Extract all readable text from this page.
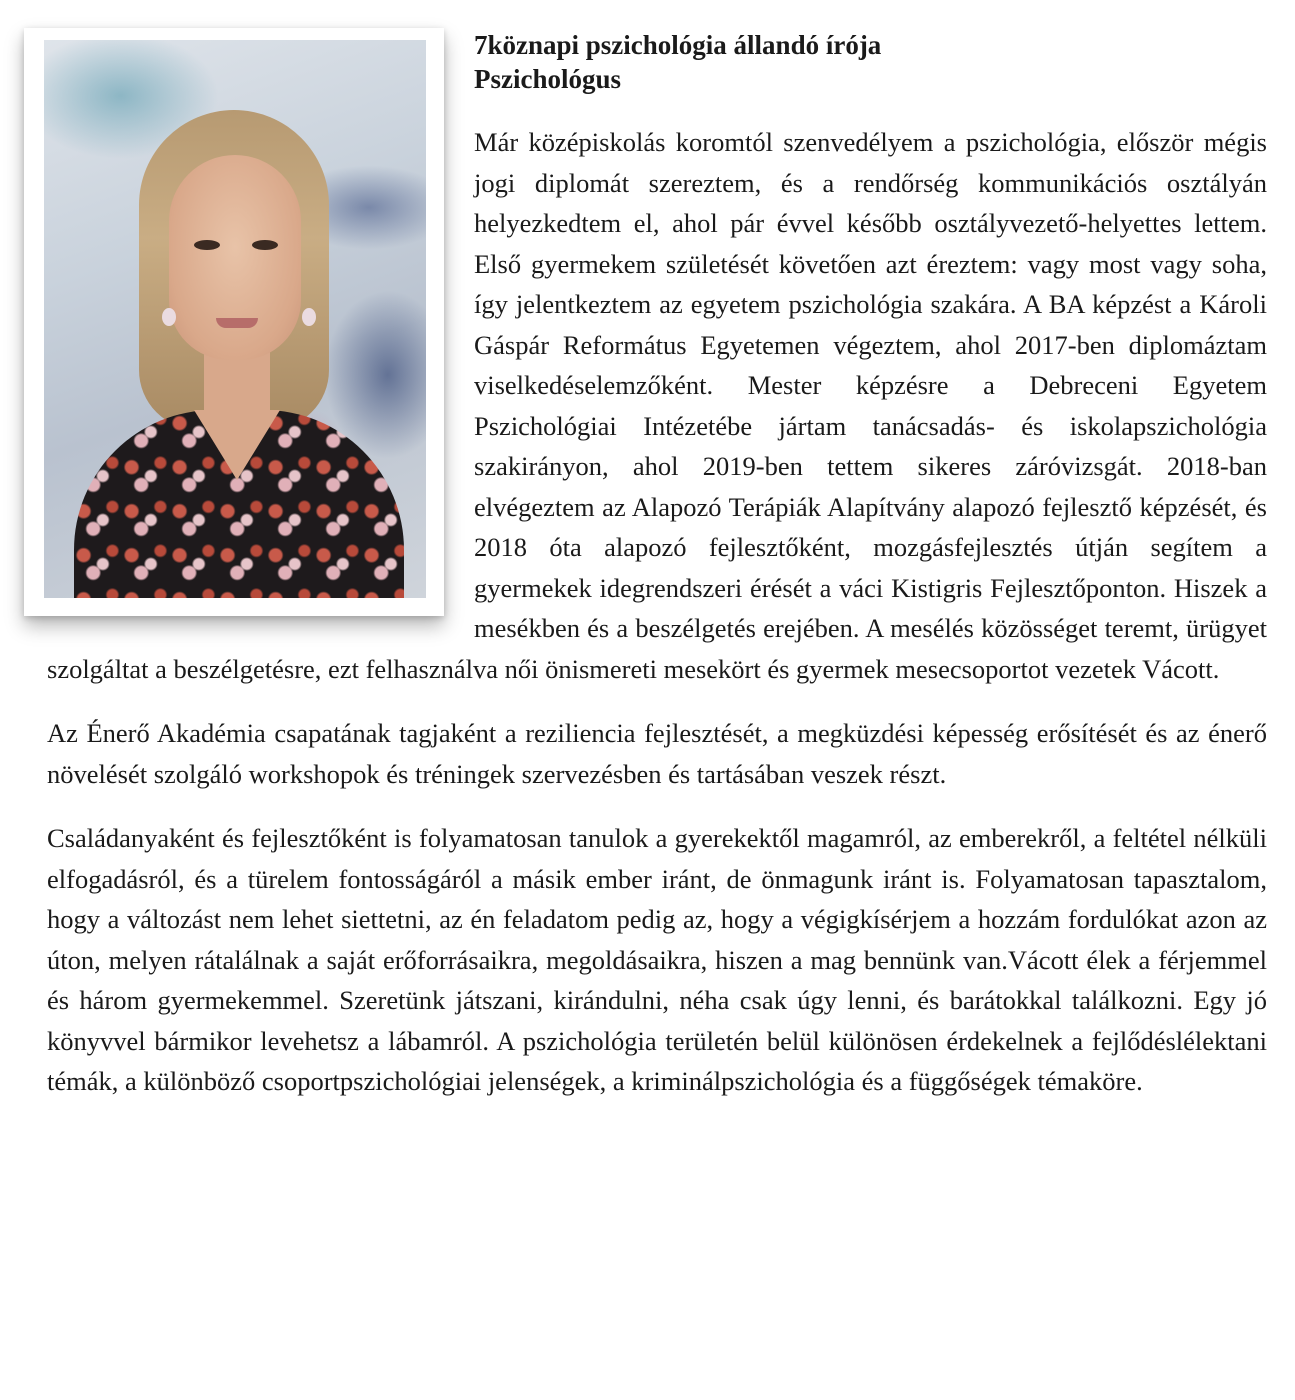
7köznapi pszichológia állandó írója
Pszichológus

Már középiskolás koromtól szenvedélyem a pszichológia, először mégis jogi diplomát szereztem, és a rendőrség kommunikációs osztályán helyezkedtem el, ahol pár évvel később osztályvezető-helyettes lettem. Első gyermekem születését követően azt éreztem: vagy most vagy soha, így jelentkeztem az egyetem pszichológia szakára. A BA képzést a Károli Gáspár Református Egyetemen végeztem, ahol 2017-ben diplomáztam viselkedéselemzőként. Mester képzésre a Debreceni Egyetem Pszichológiai Intézetébe jártam tanácsadás- és iskolapszichológia szakirányon, ahol 2019-ben tettem sikeres záróvizsgát. 2018-ban elvégeztem az Alapozó Terápiák Alapítvány alapozó fejlesztő képzését, és 2018 óta alapozó fejlesztőként, mozgásfejlesztés útján segítem a gyermekek idegrendszeri érését a váci Kistigris Fejlesztőponton. Hiszek a mesékben és a beszélgetés erejében. A mesélés közösséget teremt, ürügyet szolgáltat a beszélgetésre, ezt felhasználva női önismereti mesekört és gyermek mesecsoportot vezetek Vácott.

Az Énerő Akadémia csapatának tagjaként a reziliencia fejlesztését, a megküzdési képesség erősítését és az énerő növelését szolgáló workshopok és tréningek szervezésben és tartásában veszek részt.

Családanyaként és fejlesztőként is folyamatosan tanulok a gyerekektől magamról, az emberekről, a feltétel nélküli elfogadásról, és a türelem fontosságáról a másik ember iránt, de önmagunk iránt is. Folyamatosan tapasztalom, hogy a változást nem lehet siettetni, az én feladatom pedig az, hogy a végigkísérjem a hozzám fordulókat azon az úton, melyen rátalálnak a saját erőforrásaikra, megoldásaikra, hiszen a mag bennünk van.Vácott élek a férjemmel és három gyermekemmel. Szeretünk játszani, kirándulni, néha csak úgy lenni, és barátokkal találkozni. Egy jó könyvvel bármikor levehetsz a lábamról. A pszichológia területén belül különösen érdekelnek a fejlődéslélektani témák, a különböző csoportpszichológiai jelenségek, a kriminálpszichológia és a függőségek témaköre.
